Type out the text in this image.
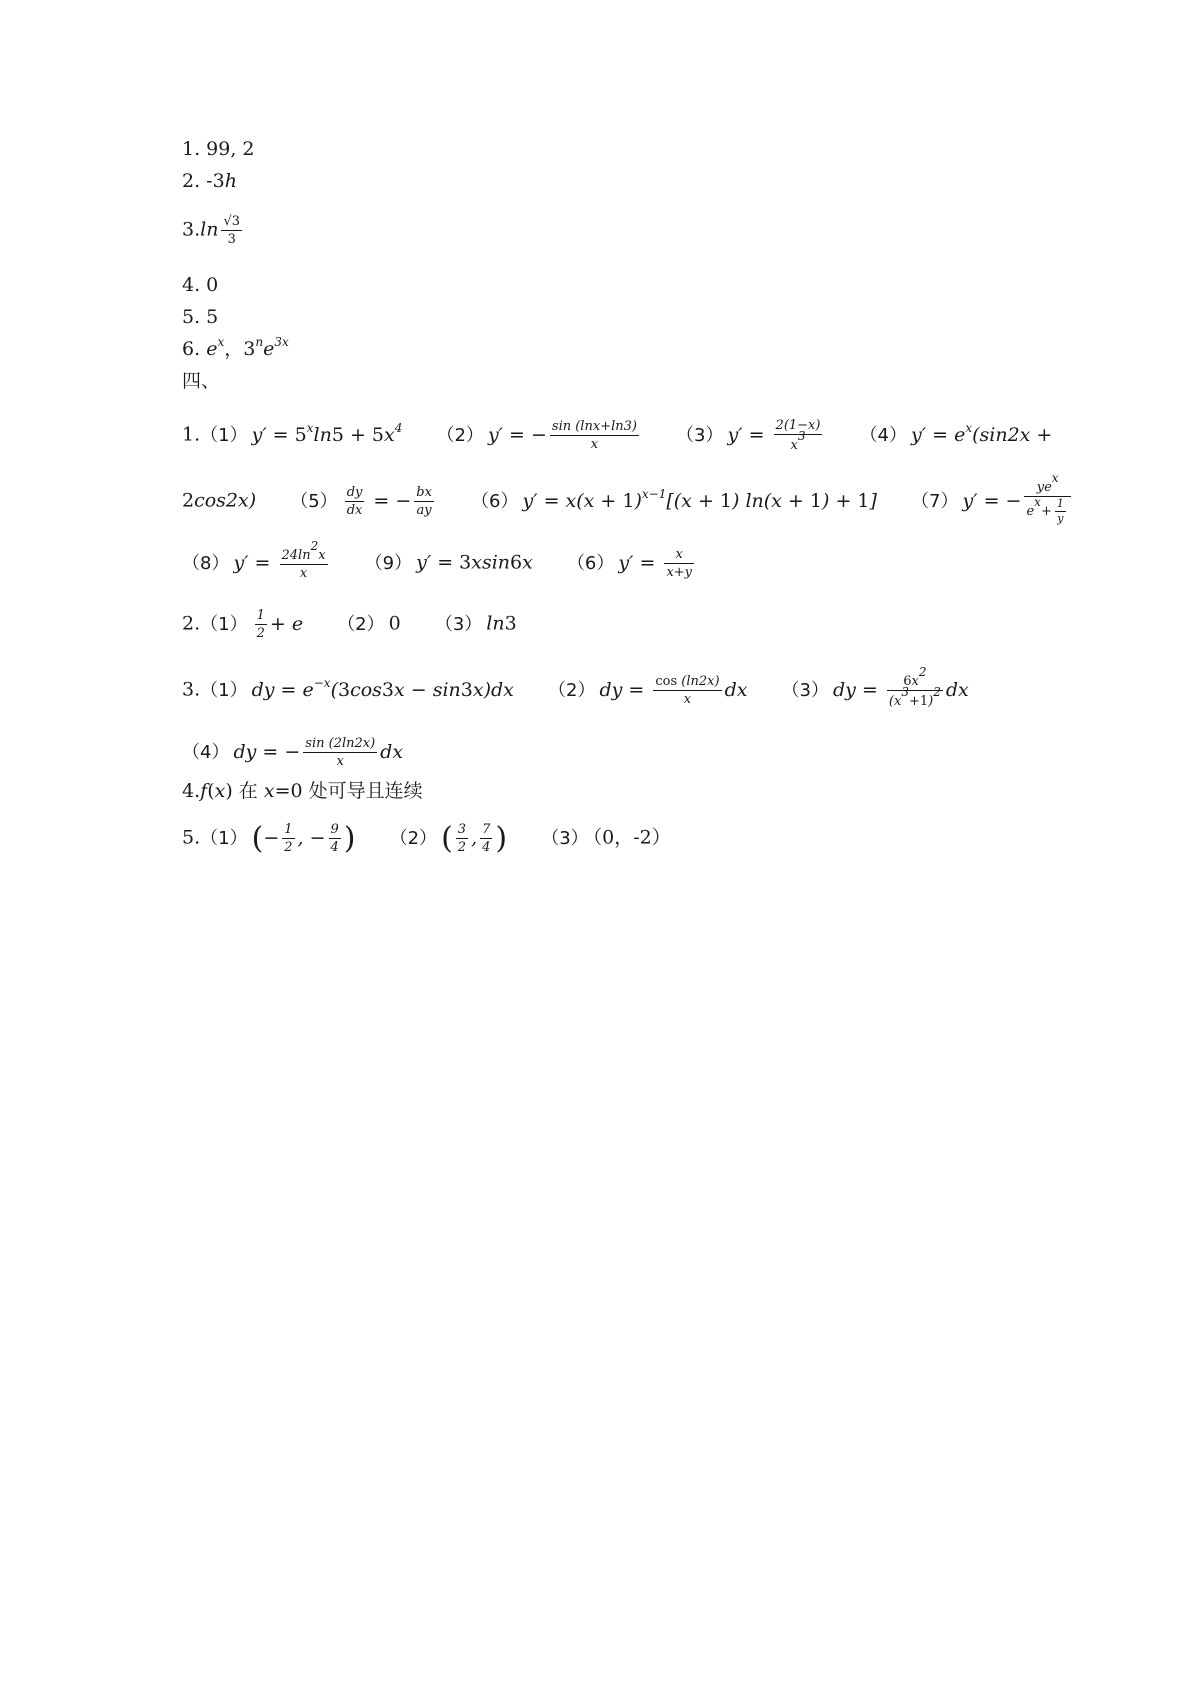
1. 99, 2
2. -3h
$3.\ln \frac{√3}{3}$
4. 0
5. 5
6. $e^x$，$3^ne^{3x}$
四、
1.（1） $y' = 5^x\ln 5 + 5x^4$ （2） y′ = − $\frac{\sin (\ln x+\ln 3)}{x} (3) y' = \frac{2(1-x)}{x^3} (4) y' = e^x(\sin 2x$ +
2cos2x) $(5) \frac{dy}{dx}$ = − $\frac{bx}{ay} (6) y' = x(x + 1)^{x-1}[(x + 1) \ln(x + 1) + 1]$ （7） y′ = − $\frac{ye^x}{e^x+ \frac{1}{y}}$
（8） $y' = \frac{24\ln^2x}{x} (9) y' = 3xsin6x$ （6） $y' = \frac{x}{x+y}$
$2.(1) \frac{1}{2} + e$ （2） 0 （3） ln3
3.（1） dy = $e^{-x}(3\cos 3x - \sin 3x)dx$ （2） dy = $\frac{\cos (\ln 2x)}{x}$ dx （3） dy = $\frac{6x^2}{(x^3+1)^2}$ dx
（4） dy = − $\frac{\sin (2\ln 2x)}{x}$ dx
4.f(x) 在 x=0 处可导且连续
5.（1） (− $\frac{1}{2}$ , − $\frac{9}{4}$ ) （2） ( $\frac{3}{2}$ , $\frac{7}{4}$ ) （3） （0，-2）
